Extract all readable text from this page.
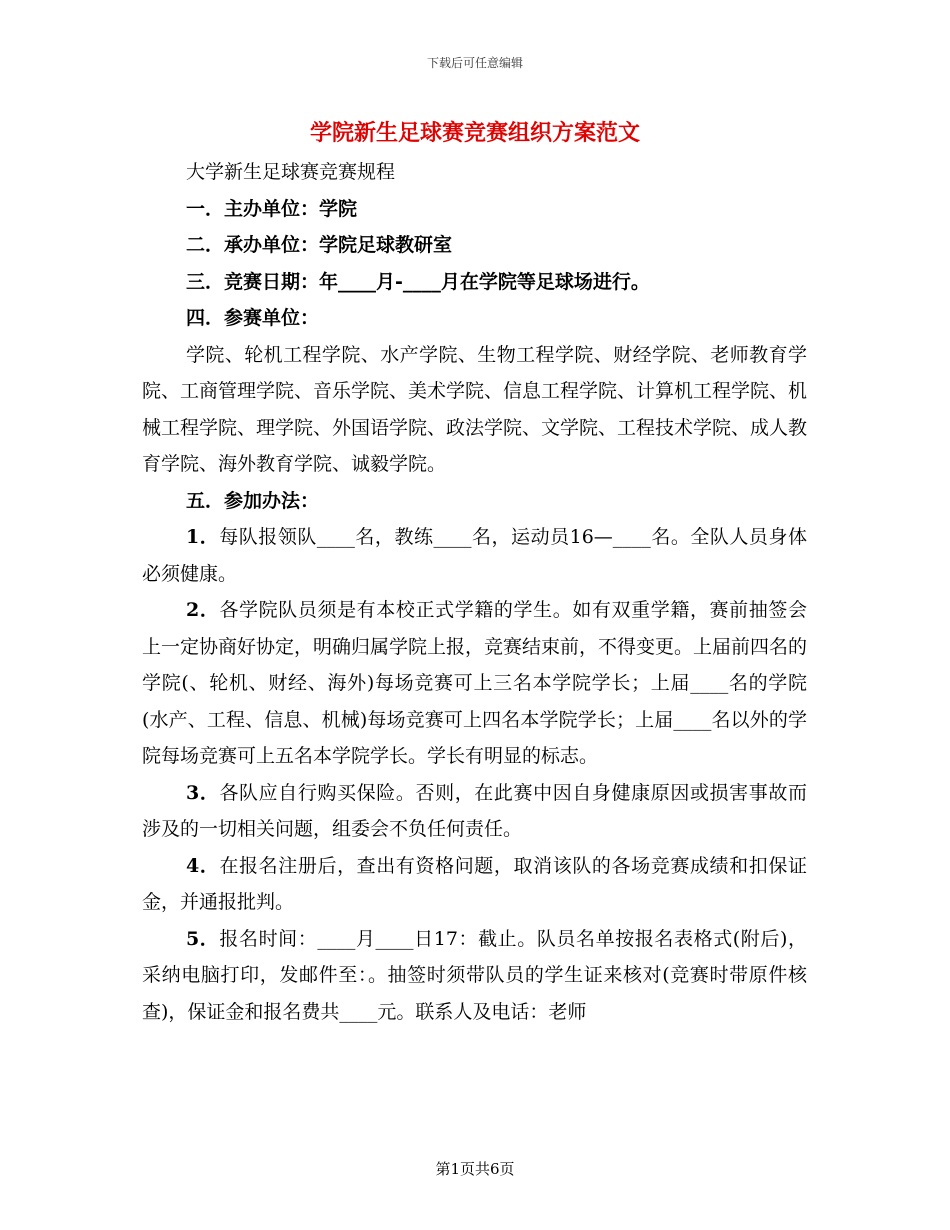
下载后可任意编辑
学院新生足球赛竞赛组织方案范文

大学新生足球赛竞赛规程

一．主办单位：学院

二．承办单位：学院足球教研室

三．竞赛日期：年____月-____月在学院等足球场进行。

四．参赛单位：

学院、轮机工程学院、水产学院、生物工程学院、财经学院、老师教育学院、工商管理学院、音乐学院、美术学院、信息工程学院、计算机工程学院、机械工程学院、理学院、外国语学院、政法学院、文学院、工程技术学院、成人教育学院、海外教育学院、诚毅学院。

五．参加办法：

1．每队报领队____名，教练____名，运动员16—____名。全队人员身体必须健康。

2．各学院队员须是有本校正式学籍的学生。如有双重学籍，赛前抽签会上一定协商好协定，明确归属学院上报，竞赛结束前，不得变更。上届前四名的学院(、轮机、财经、海外)每场竞赛可上三名本学院学长；上届____名的学院(水产、工程、信息、机械)每场竞赛可上四名本学院学长；上届____名以外的学院每场竞赛可上五名本学院学长。学长有明显的标志。

3．各队应自行购买保险。否则，在此赛中因自身健康原因或损害事故而涉及的一切相关问题，组委会不负任何责任。

4．在报名注册后，查出有资格问题，取消该队的各场竞赛成绩和扣保证金，并通报批判。

5．报名时间：____月____日17：截止。队员名单按报名表格式(附后)，采纳电脑打印，发邮件至：。抽签时须带队员的学生证来核对(竞赛时带原件核查)，保证金和报名费共____元。联系人及电话：老师

第1页共6页
